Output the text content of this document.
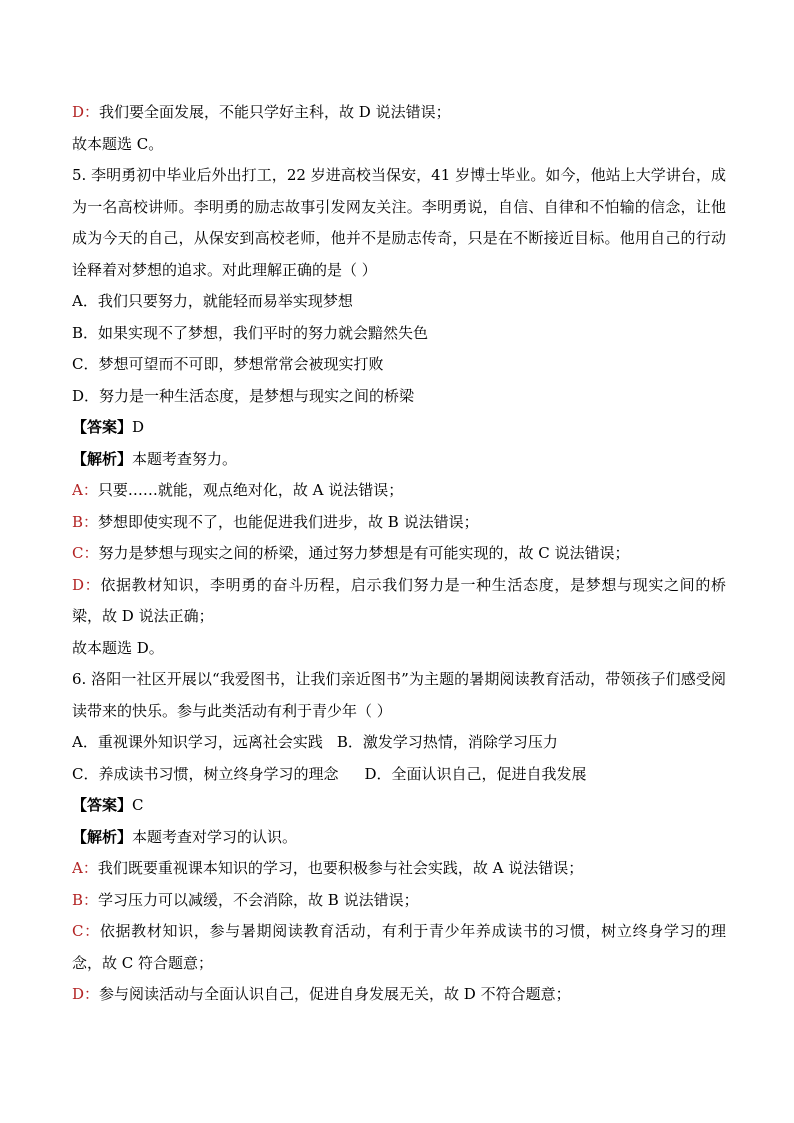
D：我们要全面发展，不能只学好主科，故 D 说法错误；
故本题选 C。
5. 李明勇初中毕业后外出打工，22 岁进高校当保安，41 岁博士毕业。如今，他站上大学讲台，成为一名高校讲师。李明勇的励志故事引发网友关注。李明勇说，自信、自律和不怕输的信念，让他成为今天的自己，从保安到高校老师，他并不是励志传奇，只是在不断接近目标。他用自己的行动诠释着对梦想的追求。对此理解正确的是（ ）
A．我们只要努力，就能轻而易举实现梦想
B．如果实现不了梦想，我们平时的努力就会黯然失色
C．梦想可望而不可即，梦想常常会被现实打败
D．努力是一种生活态度，是梦想与现实之间的桥梁
【答案】D
【解析】本题考查努力。
A：只要……就能，观点绝对化，故 A 说法错误；
B：梦想即使实现不了，也能促进我们进步，故 B 说法错误；
C：努力是梦想与现实之间的桥梁，通过努力梦想是有可能实现的，故 C 说法错误；
D：依据教材知识，李明勇的奋斗历程，启示我们努力是一种生活态度，是梦想与现实之间的桥梁，故 D 说法正确；
故本题选 D。
6. 洛阳一社区开展以“我爱图书，让我们亲近图书”为主题的暑期阅读教育活动，带领孩子们感受阅读带来的快乐。参与此类活动有利于青少年（ ）
A．重视课外知识学习，远离社会实践 B．激发学习热情，消除学习压力
C．养成读书习惯，树立终身学习的理念 D．全面认识自己，促进自我发展
【答案】C
【解析】本题考查对学习的认识。
A：我们既要重视课本知识的学习，也要积极参与社会实践，故 A 说法错误；
B：学习压力可以减缓，不会消除，故 B 说法错误；
C：依据教材知识，参与暑期阅读教育活动，有利于青少年养成读书的习惯，树立终身学习的理念，故 C 符合题意；
D：参与阅读活动与全面认识自己，促进自身发展无关，故 D 不符合题意；
